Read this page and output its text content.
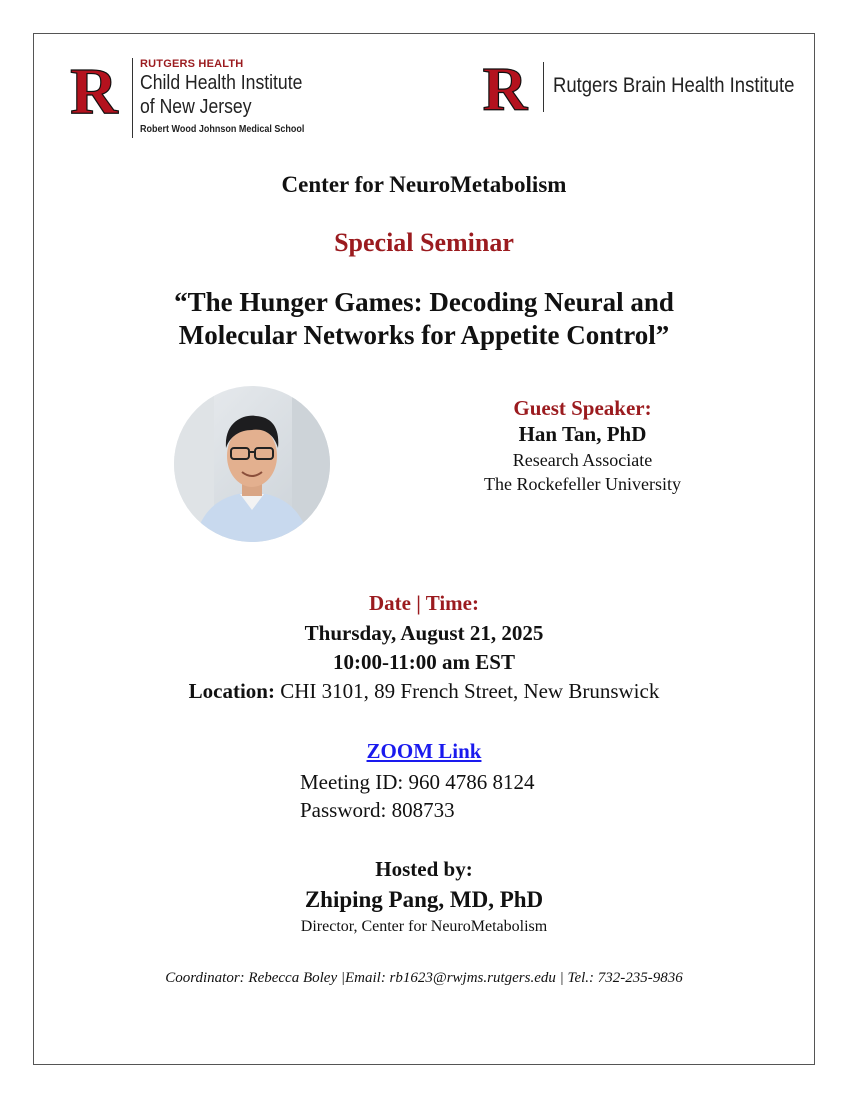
R RUTGERS HEALTH
Child Health Institute
of New Jersey
Robert Wood Johnson Medical School
R Rutgers Brain Health Institute
Center for NeuroMetabolism
Special Seminar
“The Hunger Games: Decoding Neural and
Molecular Networks for Appetite Control”
Guest Speaker:
Han Tan, PhD
Research Associate
The Rockefeller University
Date | Time:
Thursday, August 21, 2025
10:00-11:00 am EST
Location: CHI 3101, 89 French Street, New Brunswick
ZOOM Link
Meeting ID: 960 4786 8124
Password: 808733
Hosted by:
Zhiping Pang, MD, PhD
Director, Center for NeuroMetabolism
Coordinator: Rebecca Boley |Email: rb1623@rwjms.rutgers.edu | Tel.: 732-235-9836
